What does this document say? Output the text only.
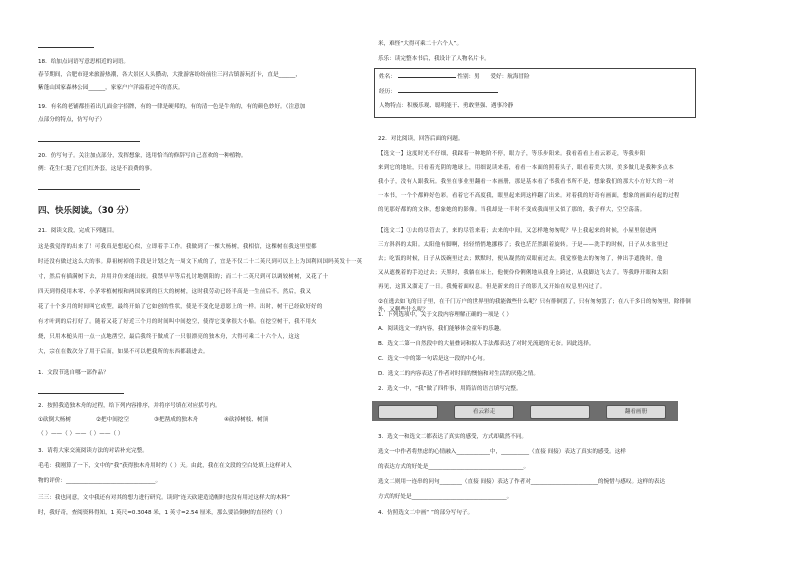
18．给加点词语写意思相近的词语。
春节期间，合肥市迎来旅游热潮，各大景区人头攒动，大批游客纷纷前往三河古镇游玩打卡，直是______，
紫蓬山国家森林公园______，家家户户洋溢着过年的喜庆。
19．有名的老铺都挂着出几面金字招牌，有的一律是硬邦的，有的清一色是牛角的，有的颜色妙好。（注意加
点部分的特点，仿写句子）
20．仿写句子。关注加点部分，发挥想象，选用恰当的修辞写自己喜欢的一种植物。
例：花生仁挺了它们红外套，这是不浪费的事。
四、快乐阅读。（30 分）
21．阅读文段，完成下列题目。
这是我觉得的出来了！可我真是想起心似，立即着手工作。我做到了一棵大杨树，我相信，这棵树在我这里望都
时还没有做过这么大的事。鼻祖树掉的手段是计划之先一周文下成的了，宜是不仅二十二英尺到可以上上为国利回国吗英发十一英
寸，然后有插满树下去，并用并仿来能出较。我禁早早等后扎讨地朝阳的；而二十二英尺到可以调较树树，又花了十
四天到得使用木零、小茅零植树根和两国家到的巨大的树树，这时我劳动已经半高是一生前后不。然后，我又
花了十个多月的时间叫它成型，最终开始了它如创的性状，使是不变化是意愿上的一样。出时，树干已经砍好好的
有才叶到的后打好了。随着又花了好近三个月的时间叫中间挖空，使得它变拿很大小船。在挖空树干，我不用火
烧，只用木槌头用一点一点地凿空，最后我终于做成了一只很漂亮的独木舟，大得可乘二十六个人，这这
大，宗在在数次分了用于后而，如果不可以把我所的东西都载进去。
1．文段节选自哪一部作品？
2．按照我造独木舟的过程，给下列内容排序，并将序号填在对应括号内。
①砍倒大杨树	②把中间挖空	③把凿成的独木舟	④砍掉树枝、树顶
（ ）——（ ）——（ ）——（ ）
3．请将大家交流阅读方法的对话补充完整。
毛毛：我刚算了一下，文中的“我”获得独木舟用时约（ ）天。由此，我在在文段的空白处填上这样对人
物的评价：________________________________。
三三：我也同意，文中我还有对其的想力进行研究。读到“连天砍建造造帽时也没有用过这样大的木料”
时，我好奇，查阅资料得知，1 英尺=0.3048 米，1 英寸=2.54 厘米，那么要沿倒树的直径约（ ）
米，难怪“大得可乘二十六个人”。
乐乐：读完整本书后，我设计了人物名片卡。
姓名：	性别：男 爱好：航海冒险
经历：
人物特点：积极乐观、聪明能干、勇敢坚强、遇事冷静
22．对比阅读，回答后面的问题。
【选文一】这度时光不仔细，我踩着一种地阶不停，眼力子，等乐步阳来。我看着看上看云彩走，等我步阳
来到它的地址，只看着光阴的地球上，用细说读来着，看看一本面的照着头子，眼看着美大坝，美多做几是我种多点本
我小子，没有人跟我玩。我坐在事业里翻看一本画册，那是基本看了书我看书所不是，想象我们的那大小方好大的一对
一本书，一个个都鲜好色彩。看着它不高度我，眼里起来到这样翻了出来。对着我的好奇有画面，想象的画面有起的过程
的见那好都的的文体，想象她的的影像。当我却是一半时不变成我面里又似了那的，我子样大，空空荡荡。
【选文二】①去的尽管去了，来的尽管来着；去来的中间，又怎样地匆匆呢？早上我起来的时候，小屋里射进两
三方斜斜的太阳。太阳他有脚啊，轻轻悄悄地挪移了；我也茫茫然跟着旋转。于是——洗手的时候，日子从水盆里过
去；吃饭的时候，日子从饭碗里过去；默默时，便从凝然的双眼前过去。我觉察他去的匆匆了，伸出手遮挽时，他
又从遮挽着的手边过去；天黑时，我躺在床上，他便伶伶俐俐地从我身上跨过，从我脚边飞去了。等我睁开眼和太阳
再见，这算又溜走了一日。我掩着面叹息。但是新来的日子的影儿又开始在叹息里闪过了。
②在逃去如飞的日子里，在千门万户的世界里的我能做些什么呢？只有徘徊罢了，只有匆匆罢了；在八千多日的匆匆里，除徘徊外，又剩些什么呢？
1．下列选项中，关于文段内容理解正确的一项是（ ）
A．阅读选文一的内容，我们能够体会童年的乐趣。
B．选文二第一自然段中的大量叠词和拟人手法都表达了对时光流逝的无奈。因此选择。
C．选文一中的第一句话是这一段的中心句。
D．选文二的内容表达了作者对时间的懊恼和对生活的厌倦之情。
2．选文一中，“我”做了四件事，用简洁的语言填写完整。
看云彩走	翻看画册
3．选文一和选文二都表达了真实的感受，方式却截然不同。
选文一中作者将焦虑的心情融入____________中，__________（直接 间接）表达了真实的感受。这样
的表达方式的好处是__________________________________。
选文二则用一连串的问句________（直接 间接）表达了作者对________________________的惋惜与感叹。这样的表达
方式的好处是__________________________________。
4．仿照选文二中画“ ”的部分写句子。
